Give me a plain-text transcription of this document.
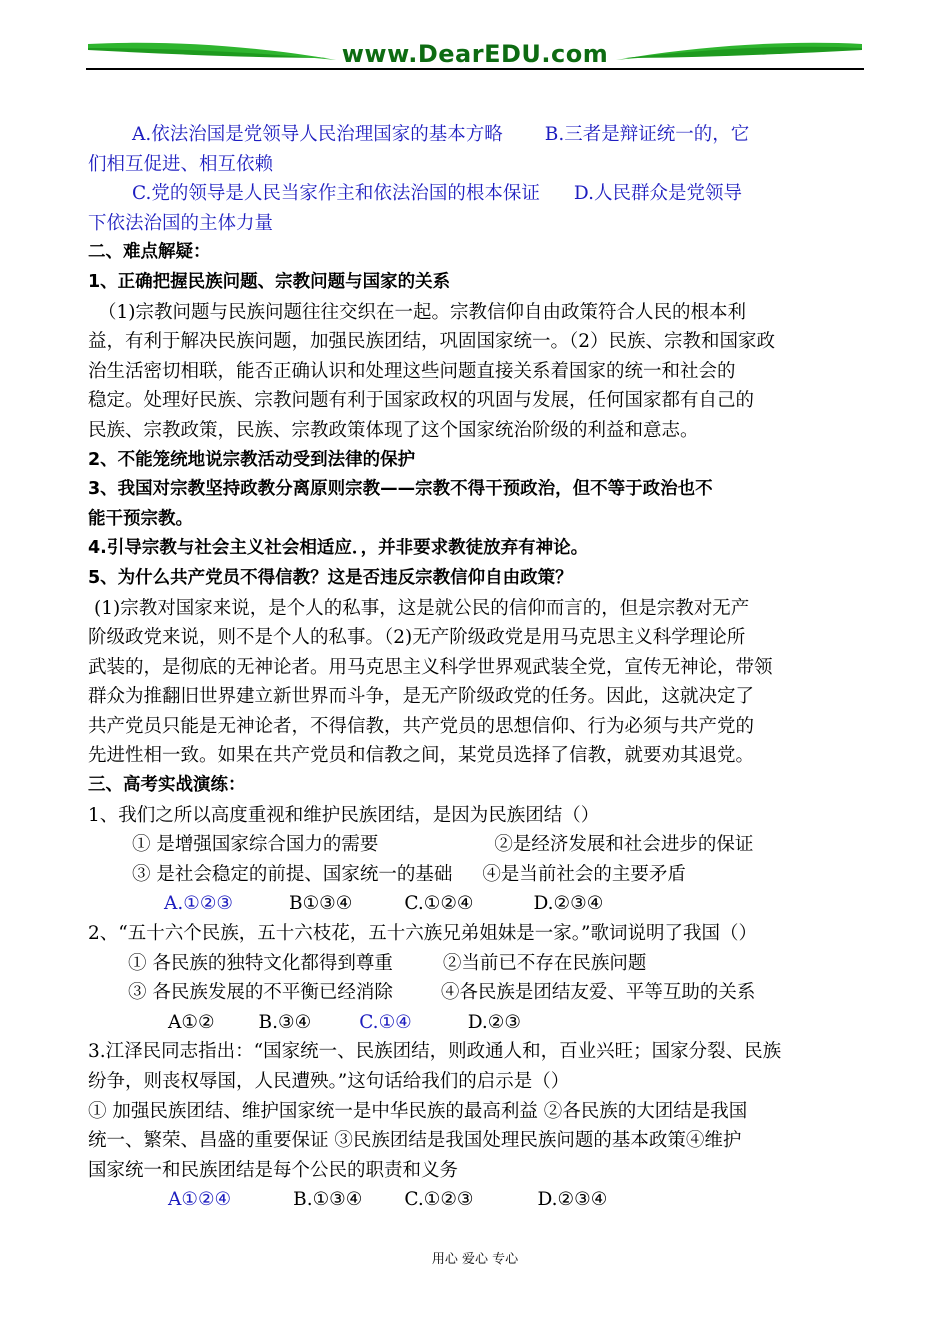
www.DearEDU.com
A.依法治国是党领导人民治理国家的基本方略 B.三者是辩证统一的，它
们相互促进、相互依赖
C.党的领导是人民当家作主和依法治国的根本保证 D.人民群众是党领导
下依法治国的主体力量
二、难点解疑：
1、正确把握民族问题、宗教问题与国家的关系
（1)宗教问题与民族问题往往交织在一起。宗教信仰自由政策符合人民的根本利
益，有利于解决民族问题，加强民族团结，巩固国家统一。（2）民族、宗教和国家政
治生活密切相联，能否正确认识和处理这些问题直接关系着国家的统一和社会的
稳定。处理好民族、宗教问题有利于国家政权的巩固与发展，任何国家都有自己的
民族、宗教政策，民族、宗教政策体现了这个国家统治阶级的利益和意志。
2、不能笼统地说宗教活动受到法律的保护
3、我国对宗教坚持政教分离原则宗教——宗教不得干预政治，但不等于政治也不
能干预宗教。
4.引导宗教与社会主义社会相适应．，并非要求教徒放弃有神论。
5、为什么共产党员不得信教？这是否违反宗教信仰自由政策？
(1)宗教对国家来说，是个人的私事，这是就公民的信仰而言的，但是宗教对无产
阶级政党来说，则不是个人的私事。（2)无产阶级政党是用马克思主义科学理论所
武装的，是彻底的无神论者。用马克思主义科学世界观武装全党，宣传无神论，带领
群众为推翻旧世界建立新世界而斗争，是无产阶级政党的任务。因此，这就决定了
共产党员只能是无神论者，不得信教，共产党员的思想信仰、行为必须与共产党的
先进性相一致。如果在共产党员和信教之间，某党员选择了信教，就要劝其退党。
三、高考实战演练：
1、我们之所以高度重视和维护民族团结，是因为民族团结（）
① 是增强国家综合国力的需要	②是经济发展和社会进步的保证
③ 是社会稳定的前提、国家统一的基础 ④是当前社会的主要矛盾
A.①②③	B①③④	C.①②④	D.②③④
2、“五十六个民族，五十六枝花，五十六族兄弟姐妹是一家。”歌词说明了我国（）
① 各民族的独特文化都得到尊重	②当前已不存在民族问题
③ 各民族发展的不平衡已经消除	④各民族是团结友爱、平等互助的关系
A①② B.③④	C.①④	D.②③
3.江泽民同志指出：“国家统一、民族团结，则政通人和，百业兴旺；国家分裂、民族
纷争，则丧权辱国，人民遭殃。”这句话给我们的启示是（）
① 加强民族团结、维护国家统一是中华民族的最高利益 ②各民族的大团结是我国
统一、繁荣、昌盛的重要保证 ③民族团结是我国处理民族问题的基本政策④维护
国家统一和民族团结是每个公民的职责和义务
A①②④	B.①③④ C.①②③	D.②③④
用心 爱心 专心
